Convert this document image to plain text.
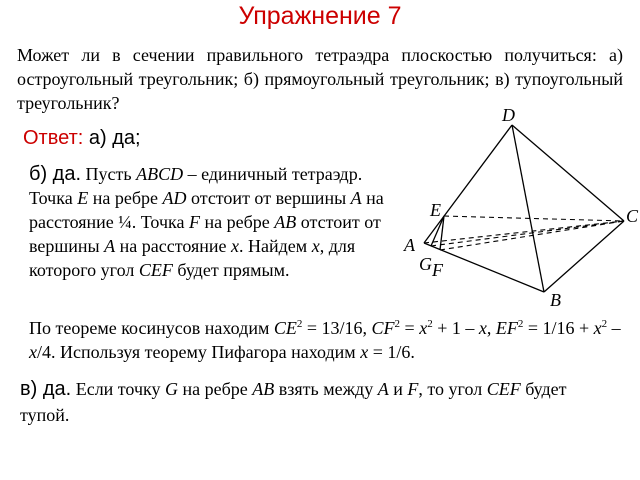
Упражнение 7
Может ли в сечении правильного тетраэдра плоскостью получиться: а) остроугольный треугольник; б) прямоугольный треугольник; в) тупоугольный треугольник?
Ответ: а) да;
б) да. Пусть ABCD – единичный тетраэдр. Точка E на ребре AD отстоит от вершины A на расстояние ¼. Точка F на ребре AB отстоит от вершины A на расстояние x. Найдем x, для которого угол CEF будет прямым.
По теореме косинусов находим $CE^2 = 13/16$, $CF^2 = x^2 + 1 - x$, $EF^2 = 1/16 + x^2 - x/4$. Используя теорему Пифагора находим x = 1/6.
в) да. Если точку G на ребре AB взять между A и F, то угол CEF будет тупой.
D
E	C
A
G F
B
